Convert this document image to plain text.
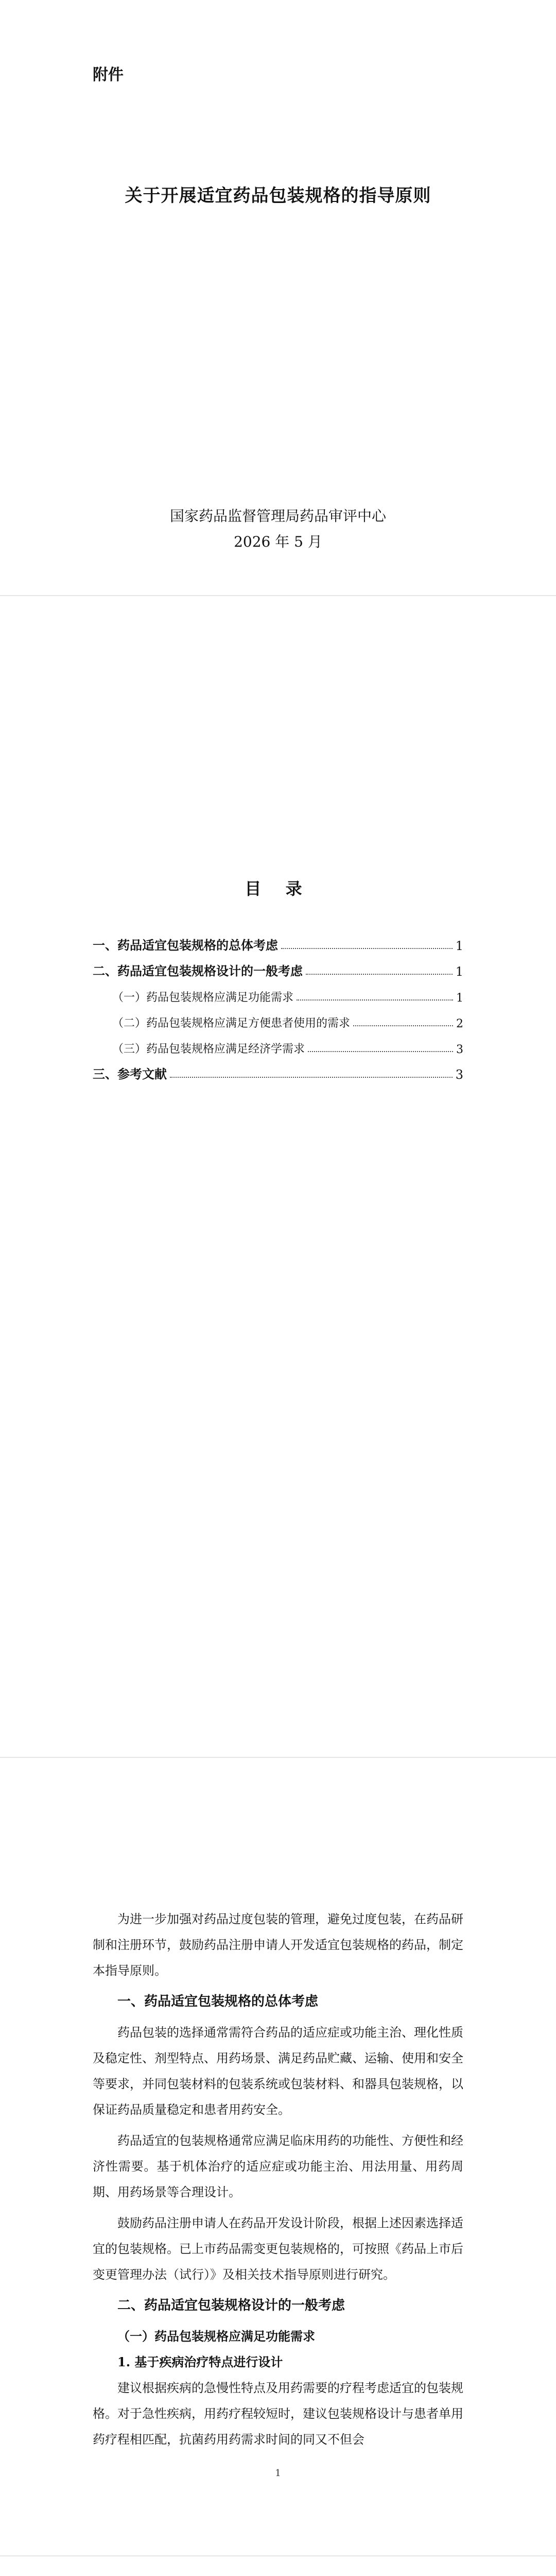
附件
关于开展适宜药品包装规格的指导原则
国家药品监督管理局药品审评中心
2026 年 5 月
目 录
一、药品适宜包装规格的总体考虑	1
二、药品适宜包装规格设计的一般考虑	1
（一）药品包装规格应满足功能需求	1
（二）药品包装规格应满足方便患者使用的需求	2
（三）药品包装规格应满足经济学需求	3
三、参考文献	3

为进一步加强对药品过度包装的管理，避免过度包装，在药品研制和注册环节，鼓励药品注册申请人开发适宜包装规格的药品，制定本指导原则。

一、药品适宜包装规格的总体考虑

药品包装的选择通常需符合药品的适应症或功能主治、理化性质及稳定性、剂型特点、用药场景、满足药品贮藏、运输、使用和安全等要求，并同包装材料的包装系统或包装材料、和器具包装规格，以保证药品质量稳定和患者用药安全。

药品适宜的包装规格通常应满足临床用药的功能性、方便性和经济性需要。基于机体治疗的适应症或功能主治、用法用量、用药周期、用药场景等合理设计。

鼓励药品注册申请人在药品开发设计阶段，根据上述因素选择适宜的包装规格。已上市药品需变更包装规格的，可按照《药品上市后变更管理办法（试行）》及相关技术指导原则进行研究。

二、药品适宜包装规格设计的一般考虑
（一）药品包装规格应满足功能需求
1. 基于疾病治疗特点进行设计

建议根据疾病的急慢性特点及用药需要的疗程考虑适宜的包装规格。对于急性疾病，用药疗程较短时，建议包装规格设计与患者单用药疗程相匹配，抗菌药用药需求时间的同又不但会

1
